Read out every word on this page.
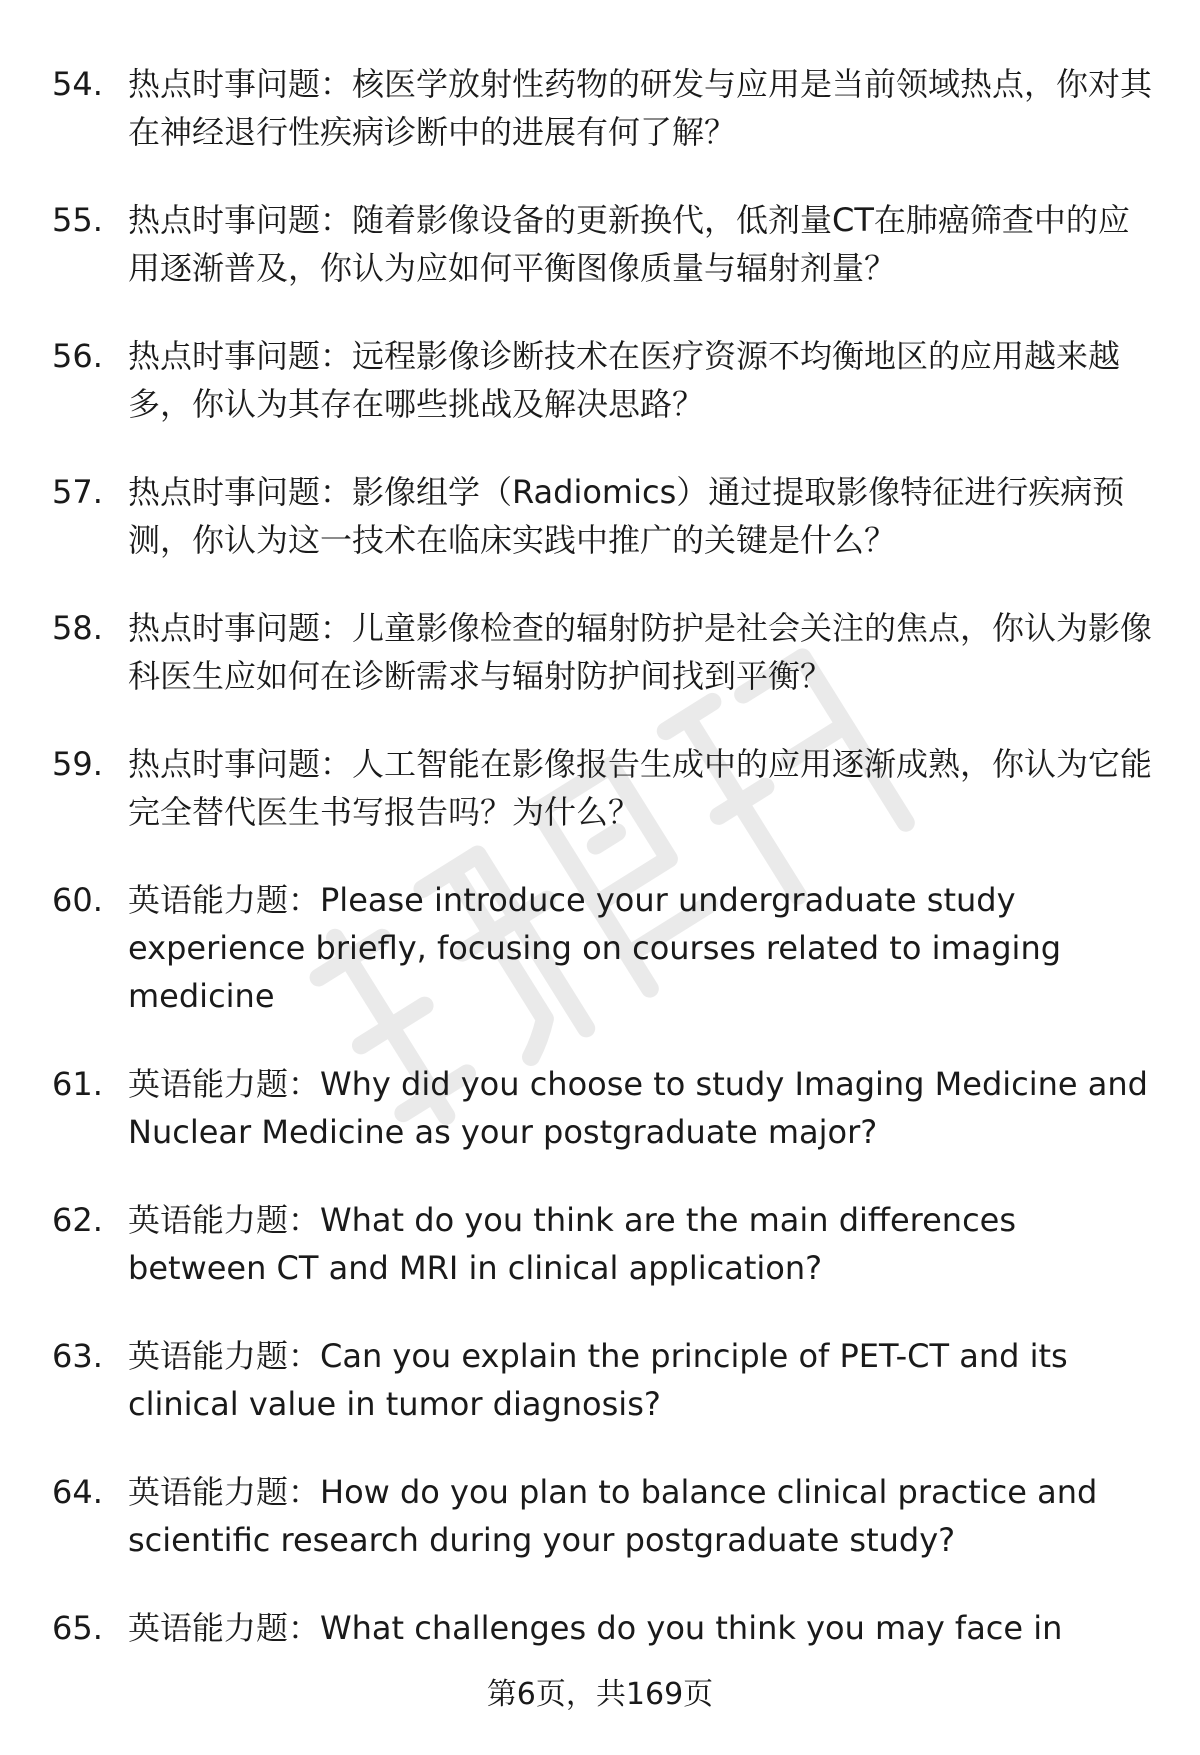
54. 热点时事问题：核医学放射性药物的研发与应用是当前领域热点，你对其在神经退行性疾病诊断中的进展有何了解？
55. 热点时事问题：随着影像设备的更新换代，低剂量CT在肺癌筛查中的应用逐渐普及，你认为应如何平衡图像质量与辐射剂量？
56. 热点时事问题：远程影像诊断技术在医疗资源不均衡地区的应用越来越多，你认为其存在哪些挑战及解决思路？
57. 热点时事问题：影像组学（Radiomics）通过提取影像特征进行疾病预测，你认为这一技术在临床实践中推广的关键是什么？
58. 热点时事问题：儿童影像检查的辐射防护是社会关注的焦点，你认为影像科医生应如何在诊断需求与辐射防护间找到平衡？
59. 热点时事问题：人工智能在影像报告生成中的应用逐渐成熟，你认为它能完全替代医生书写报告吗？为什么？
60. 英语能力题：Please introduce your undergraduate study experience briefly, focusing on courses related to imaging medicine
61. 英语能力题：Why did you choose to study Imaging Medicine and Nuclear Medicine as your postgraduate major?
62. 英语能力题：What do you think are the main differences between CT and MRI in clinical application?
63. 英语能力题：Can you explain the principle of PET-CT and its clinical value in tumor diagnosis?
64. 英语能力题：How do you plan to balance clinical practice and scientific research during your postgraduate study?
65. 英语能力题：What challenges do you think you may face in
第6页，共169页
